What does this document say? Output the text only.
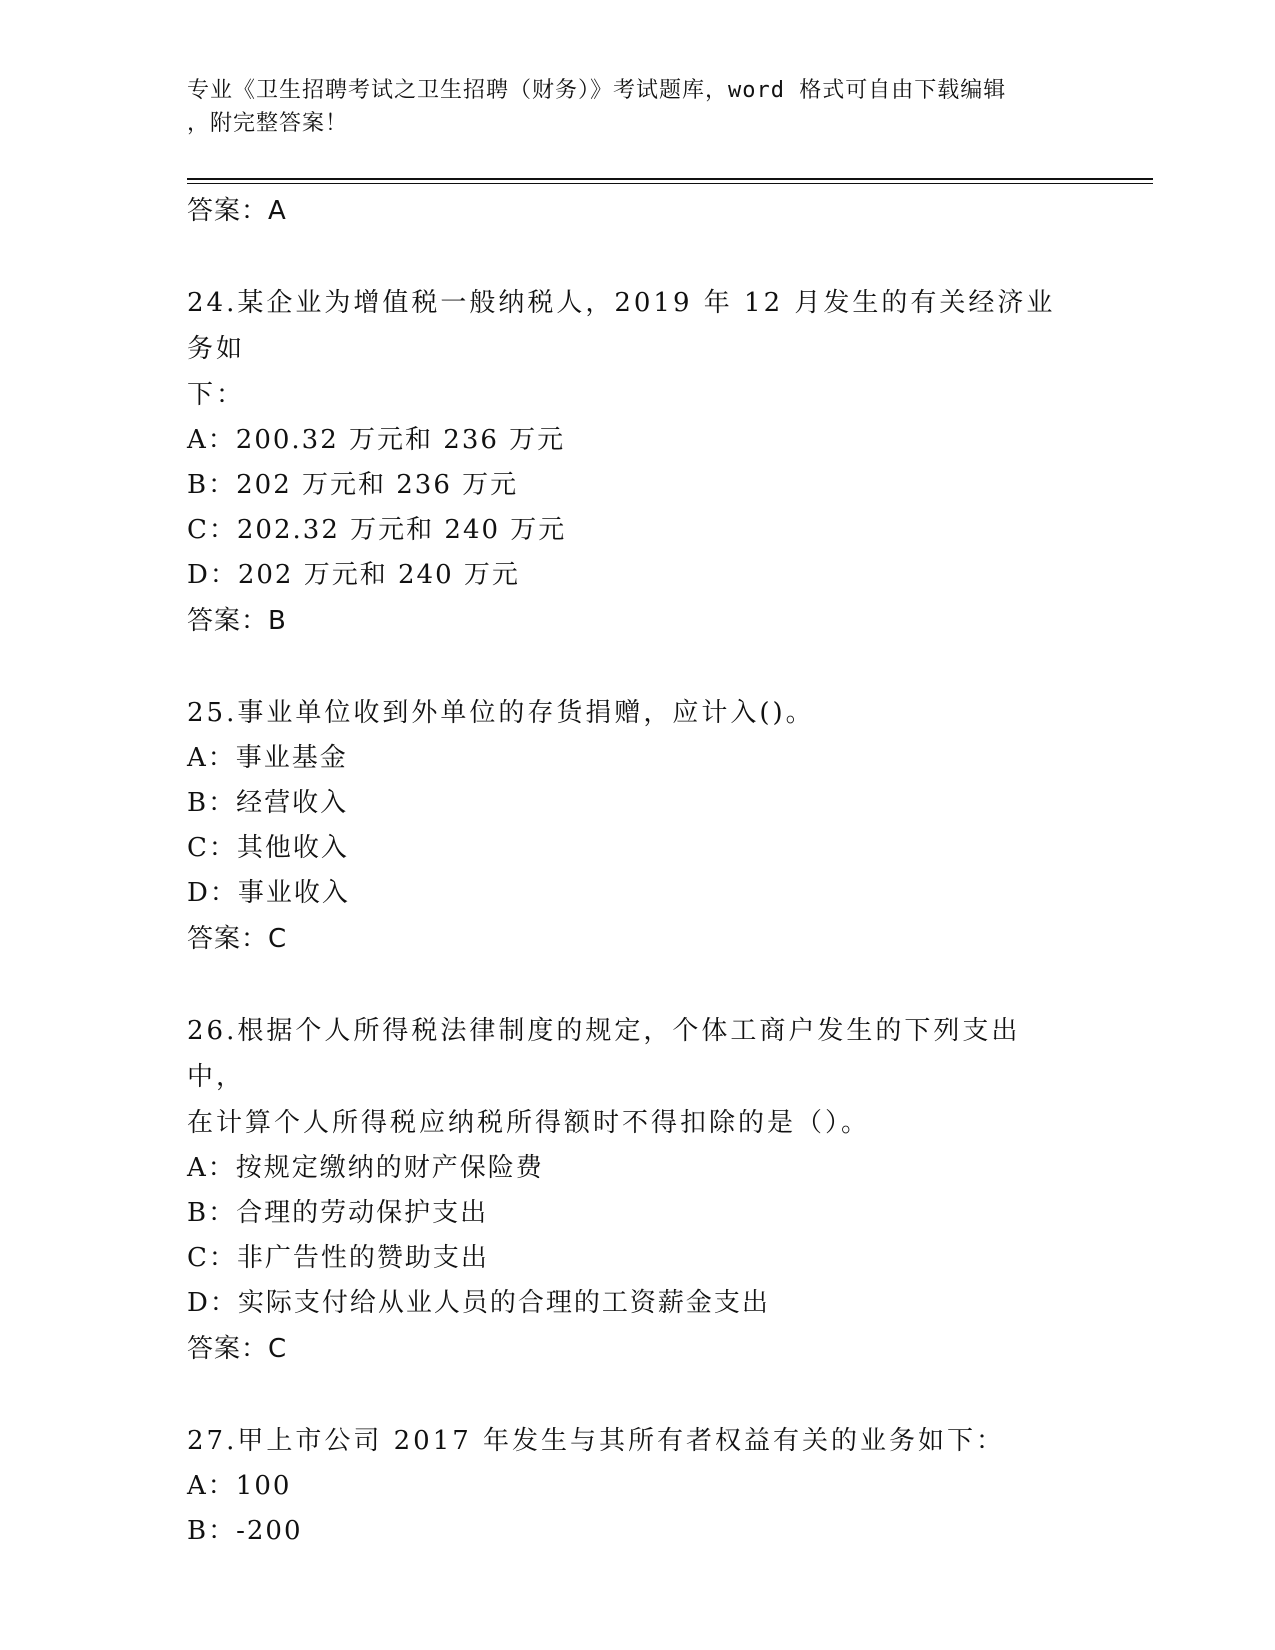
专业《卫生招聘考试之卫生招聘（财务）》考试题库，word 格式可自由下载编辑
，附完整答案！
答案：A
24.某企业为增值税一般纳税人，2019 年 12 月发生的有关经济业务如
下：
A：200.32 万元和 236 万元
B：202 万元和 236 万元
C：202.32 万元和 240 万元
D：202 万元和 240 万元
答案：B
25.事业单位收到外单位的存货捐赠，应计入()。
A：事业基金
B：经营收入
C：其他收入
D：事业收入
答案：C
26.根据个人所得税法律制度的规定，个体工商户发生的下列支出中，
在计算个人所得税应纳税所得额时不得扣除的是（）。
A：按规定缴纳的财产保险费
B：合理的劳动保护支出
C：非广告性的赞助支出
D：实际支付给从业人员的合理的工资薪金支出
答案：C
27.甲上市公司 2017 年发生与其所有者权益有关的业务如下：
A：100
B：-200
